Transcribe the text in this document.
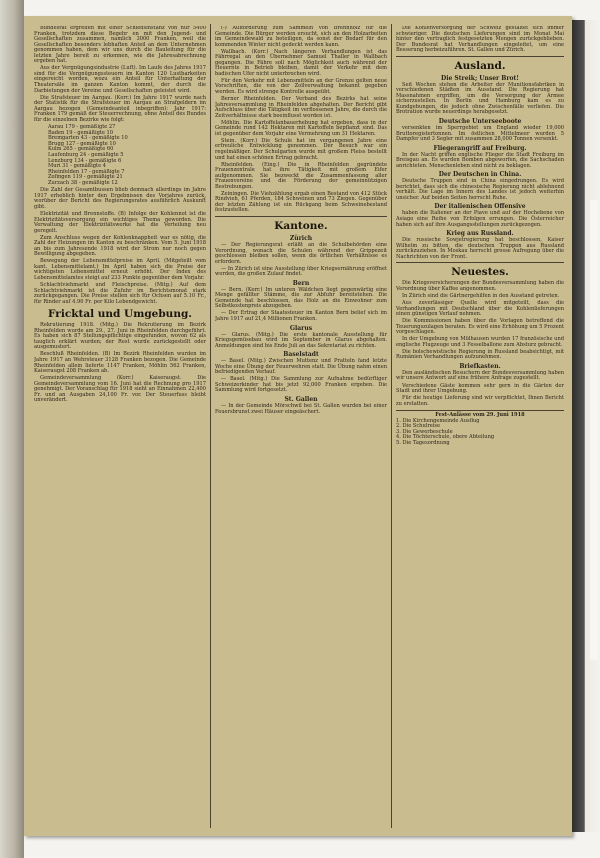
Bundesrat ergreifen mit einer Schiedsinstanz von nur 5400 Franken, trotzdem diese Begehr en mit den Jugend- und Gesellschaften zusammen, namlich 3000 Franken, weil die Gesellschaften besonders lebhaften Anteil an dem Unternehmen genommen haben, dem wir uns durch die Bauleitung für die letzten Jahre bereit zu erkennen, wie die Jahresabrechnung ergeben hat.

Aus der Vergnügungsindustrie (Luft). Im Laufe des Jahres 1917 sind für die Vergnügungssteuern im Kanton 120 Lustbarkeiten eingereicht worden, wozu ein Anteil für Unterhaltung der Theatersäle im ganzen Kanton kommt, der durch die Darbietungen der Vereine und Gesellschaften geleistet wird.

Die Strafsteuer im Aargau. (Korr.) Im Jahre 1917 wurde nach der Statistik für die Strafsteuer im Aargau an Strafgeldern im Aargau bezogen (Gemeindeanteil inbegriffen): Jahr 1917: Franken 179 gemäß der Steuerrechnung, ohne Anteil des Bundes für die einzelnen Bezirke wie folgt:

Aarau 179 - gemäßigte 27
Baden 19 - gemäßigte 10
Bremgarten 43 - gemäßigte 10
Brugg 127 - gemäßigte 10
Kulm 265 - gemäßigte 60
Laufenburg 24 - gemäßigte 5
Lenzburg 134 - gemäßigte 6
Muri 31 - gemäßigte 4
Rheinfelden 17 - gemäßigte 7
Zofingen 119 - gemäßigte 21
Zurzach 38 - gemäßigte 12

Die Zahl der Gesamtbussen blieb demnach allerdings im Jahre 1917 erheblich hinter den Ergebnissen des Vorjahres zurück, worüber der Bericht des Regierungsrates ausführlich Auskunft gibt.

Elektrizität und Brennstoffe. (B) Infolge der Kohlennot ist die Elektrizitätsversorgung ein wichtiges Thema geworden. Die Verwaltung der Elektrizitätswerke hat die Verteilung neu geregelt.

Zum Anschluss wegen der Kohlenknappheit war es nötig, die Zahl der Heizungen im Kanton zu beschränken. Vom 5. Juni 1918 an bis zum Jahresende 1918 wird der Strom nur noch gegen Bewilligung abgegeben.

Bewegung der Lebensmittelpreise im April. (Mitgeteilt vom kant. Lebensmittelamt.) Im April haben sich die Preise der wichtigsten Lebensmittel erneut erhöht. Der Index des Lebensmittelamtes steigt auf 233 Punkte gegenüber dem Vorjahr.

Schlachtviehmarkt und Fleischpreise. (Mitg.) Auf dem Schlachtviehmarkt ist die Zufuhr im Berichtsmonat stark zurückgegangen. Die Preise stellen sich für Ochsen auf 5.10 Fr., für Rinder auf 4.90 Fr. per Kilo Lebendgewicht.

Fricktal und Umgebung.

Rekrutierung 1918. (Mitg.) Die Rekrutierung im Bezirk Rheinfelden wurde am 29., 27. Juni in Rheinfelden durchgeführt. Es haben sich 87 Stellungspflichtige eingefunden, wovon 62 als tauglich erklärt wurden; der Rest wurde zurückgestellt oder ausgemustert.

Beschluß Rheinfelden. (B) Im Bezirk Rheinfelden wurden im Jahre 1917 an Wehrsteuer 3128 Franken bezogen. Die Gemeinde Rheinfelden allein lieferte 1147 Franken, Möhlin 562 Franken, Kaiseraugst 208 Franken ab.

Gemeindeversammlung (Korr.) Kaiseraugst. Die Gemeindeversammlung vom 16. Juni hat die Rechnung pro 1917 genehmigt. Der Voranschlag für 1918 sieht an Einnahmen 22,400 Fr. und an Ausgaben 24,100 Fr. vor. Der Steuerfuss bleibt unverändert.

(-) Aufforderung zum Sammeln von Brennholz für die Gemeinde. Die Bürger werden ersucht, sich an den Holzarbeiten im Gemeindewald zu beteiligen, da sonst der Bedarf für den kommenden Winter nicht gedeckt werden kann.

Wallbach. (Korr.) Nach längeren Verhandlungen ist das Fährregal an den Übernehmer Samuel Thaller in Wallbach gegangen. Die Fähre soll nach Möglichkeit auch während der Heuernte in Betrieb bleiben, damit der Verkehr mit dem badischen Ufer nicht unterbrochen wird.

Für den Verkehr mit Lebensmitteln an der Grenze gelten neue Vorschriften, die von der Zollverwaltung bekannt gegeben werden. Es wird strenge Kontrolle ausgeübt.

Berner Rheinfelden. Der Verband des Bezirks hat seine Jahresversammlung in Rheinfelden abgehalten. Der Bericht gibt Aufschluss über die Tätigkeit im verflossenen Jahre, die durch die Zeitverhältnisse stark beeinflusst worden ist.

Möhlin. Die Kartoffelanbauerhebung hat ergeben, dass in der Gemeinde rund 142 Hektaren mit Kartoffeln bepflanzt sind. Das ist gegenüber dem Vorjahr eine Vermehrung um 31 Hektaren.

Stein. (Korr.) Die Schule hat im vergangenen Jahre eine erfreuliche Entwicklung genommen. Der Besuch war ein regelmäßiger. Der Schulgarten wurde mit großem Fleiss bestellt und hat einen schönen Ertrag gebracht.

Rheinfelden. (Eing.) Die in Rheinfelden gegründete Frauenzentrale hat ihre Tätigkeit mit großem Eifer aufgenommen. Sie bezweckt die Zusammenfassung aller Frauenvereine und die Förderung der gemeinnützigen Bestrebungen.

Zeiningen. Die Viehzählung ergab einen Bestand von 412 Stück Rindvieh, 61 Pferden, 184 Schweinen und 73 Ziegen. Gegenüber der letzten Zählung ist ein Rückgang beim Schweinebestand festzustellen.

Kantone.
Zürich

— Der Regierungsrat erläßt an die Schulbehörden eine Verordnung, wonach die Schulen während der Grippezeit geschlossen bleiben sollen, wenn die örtlichen Verhältnisse es erfordern.

— In Zürich ist eine Ausstellung über Kriegsernährung eröffnet worden, die großen Zulauf findet.

Bern

— Bern. (Korr.) Im unteren Wäldchen liegt gegenwärtig eine Menge gefällter Stämme, die zur Abfuhr bereitstehen. Die Gemeinde hat beschlossen, das Holz an die Einwohner zum Selbstkostenpreis abzugeben.

— Der Ertrag der Staatssteuer im Kanton Bern belief sich im Jahre 1917 auf 21,4 Millionen Franken.

Glarus

— Glarus. (Mitg.) Die erste kantonale Ausstellung für Kriegsgemüsebau wird im September in Glarus abgehalten. Anmeldungen sind bis Ende Juli an das Sekretariat zu richten.

Baselstadt

— Basel. (Mitg.) Zwischen Muttenz und Pratteln fand letzte Woche eine Übung der Feuerwehren statt. Die Übung nahm einen befriedigenden Verlauf.

— Basel. (Mitg.) Die Sammlung zur Aufnahme bedürftiger Schweizerkinder hat bis jetzt 92,000 Franken ergeben. Die Sammlung wird fortgesetzt.

St. Gallen

— In der Gemeinde Mörschwil bei St. Gallen wurden bei einer Feuersbrunst zwei Häuser eingeäschert.

Die Kohlenversorgung der Schweiz gestaltet sich immer schwieriger. Die deutschen Lieferungen sind im Monat Mai hinter den vertraglich festgesetzten Mengen zurückgeblieben. Der Bundesrat hat Verhandlungen eingeleitet, um eine Besserung herbeizuführen. St. Gallen und Zürich.

Ausland.
Die Streik; Unser Brot!

Seit Wochen stehen die Arbeiter der Munitionsfabriken in verschiedenen Städten im Ausstand. Die Regierung hat Massnahmen ergriffen, um die Versorgung der Armee sicherzustellen. In Berlin und Hamburg kam es zu Kundgebungen, die jedoch ohne Zwischenfälle verliefen. Die Brotration wurde neuerdings herabgesetzt.

Deutsche Unterseeboote

versenkten im Sperrgebiet um England wieder 19,000 Bruttoregistertonnen. Im östlichen Mittelmeer wurden 5 Dampfer und 3 Segler mit zusammen 28,000 Tonnen versenkt.

Fliegerangriff auf Freiburg.

In der Nacht griffen englische Flieger die Stadt Freiburg im Breisgau an. Es wurden Bomben abgeworfen, die Sachschaden anrichteten. Menschenleben sind nicht zu beklagen.

Der Deutschen in China.

Deutsche Truppen sind in China eingedrungen. Es wird berichtet, dass sich die chinesische Regierung nicht ablehnend verhält. Die Lage im Innern des Landes ist jedoch weiterhin unsicher. Auf beiden Seiten herrscht Ruhe.

Der italienischen Offensive

haben die Italiener an der Piave und auf der Hochebene von Asiago eine Reihe von Erfolgen errungen. Die Österreicher haben sich auf ihre Ausgangsstellungen zurückgezogen.

Krieg aus Russland.

Die russische Sowjetregierung hat beschlossen, Kaiser Wilhelm zu bitten, die deutschen Truppen aus Russland zurückzuziehen. In Moskau herrscht grosse Aufregung über die Nachrichten von der Front.

Neuestes.

Die Kriegsversicherungen der Bundesversammlung haben die Verordnung über Kaffee angenommen.

In Zürich sind die Gärtnergehilfen in den Ausstand getreten.

Aus zuverlässiger Quelle wird mitgeteilt, dass die Verhandlungen mit Deutschland über die Kohlenlieferungen einen günstigen Verlauf nehmen.

Die Kommissionen haben über die Vorlagen betreffend die Teuerungszulagen beraten. Es wird eine Erhöhung um 5 Prozent vorgeschlagen.

In der Umgebung von Mülhausen wurden 17 französische und englische Flugzeuge und 3 Fesselballone zum Absturz gebracht.

Die bolschewistische Regierung in Russland beabsichtigt, mit Rumänien Verhandlungen aufzunehmen.

Briefkasten.

Den ausländischen Besuchern der Bundesversammlung haben wir unsere Antwort auf eine frühere Anfrage zugestellt.

Verschiedene Gäste kommen sehr gern in die Gärten der Stadt und ihrer Umgebung.

Für die heutige Lieferung sind wir verpflichtet, Ihnen Bericht zu erstatten.

Fest-Anlässe vom 29. Juni 1918
1. Die Kirchengemeinde Ausflug
2. Die Schulreise
3. Die Gewerbeschule
4. Die Töchterschule, obere Abteilung
5. Die Tagesordnung
